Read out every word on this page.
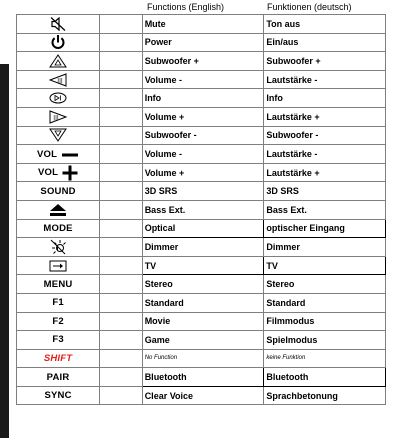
Functions (English)	Funktionen (deutsch)
		Mute	Ton aus

		Power	Ein/aus

		Subwoofer +	Subwoofer +

|||		Volume -	Lautstärke -

		Info	Info

|||		Volume +	Lautstärke +

		Subwoofer -	Subwoofer -

VOL		Volume -	Lautstärke -

VOL		Volume +	Lautstärke +

SOUND		3D SRS	3D SRS

		Bass Ext.	Bass Ext.

MODE		Optical	optischer Eingang

		Dimmer	Dimmer

		TV	TV

MENU		Stereo	Stereo

F1		Standard	Standard

F2		Movie	Filmmodus

F3		Game	Spielmodus

SHIFT		No Function	keine Funktion

PAIR		Bluetooth	Bluetooth

SYNC		Clear Voice	Sprachbetonung
